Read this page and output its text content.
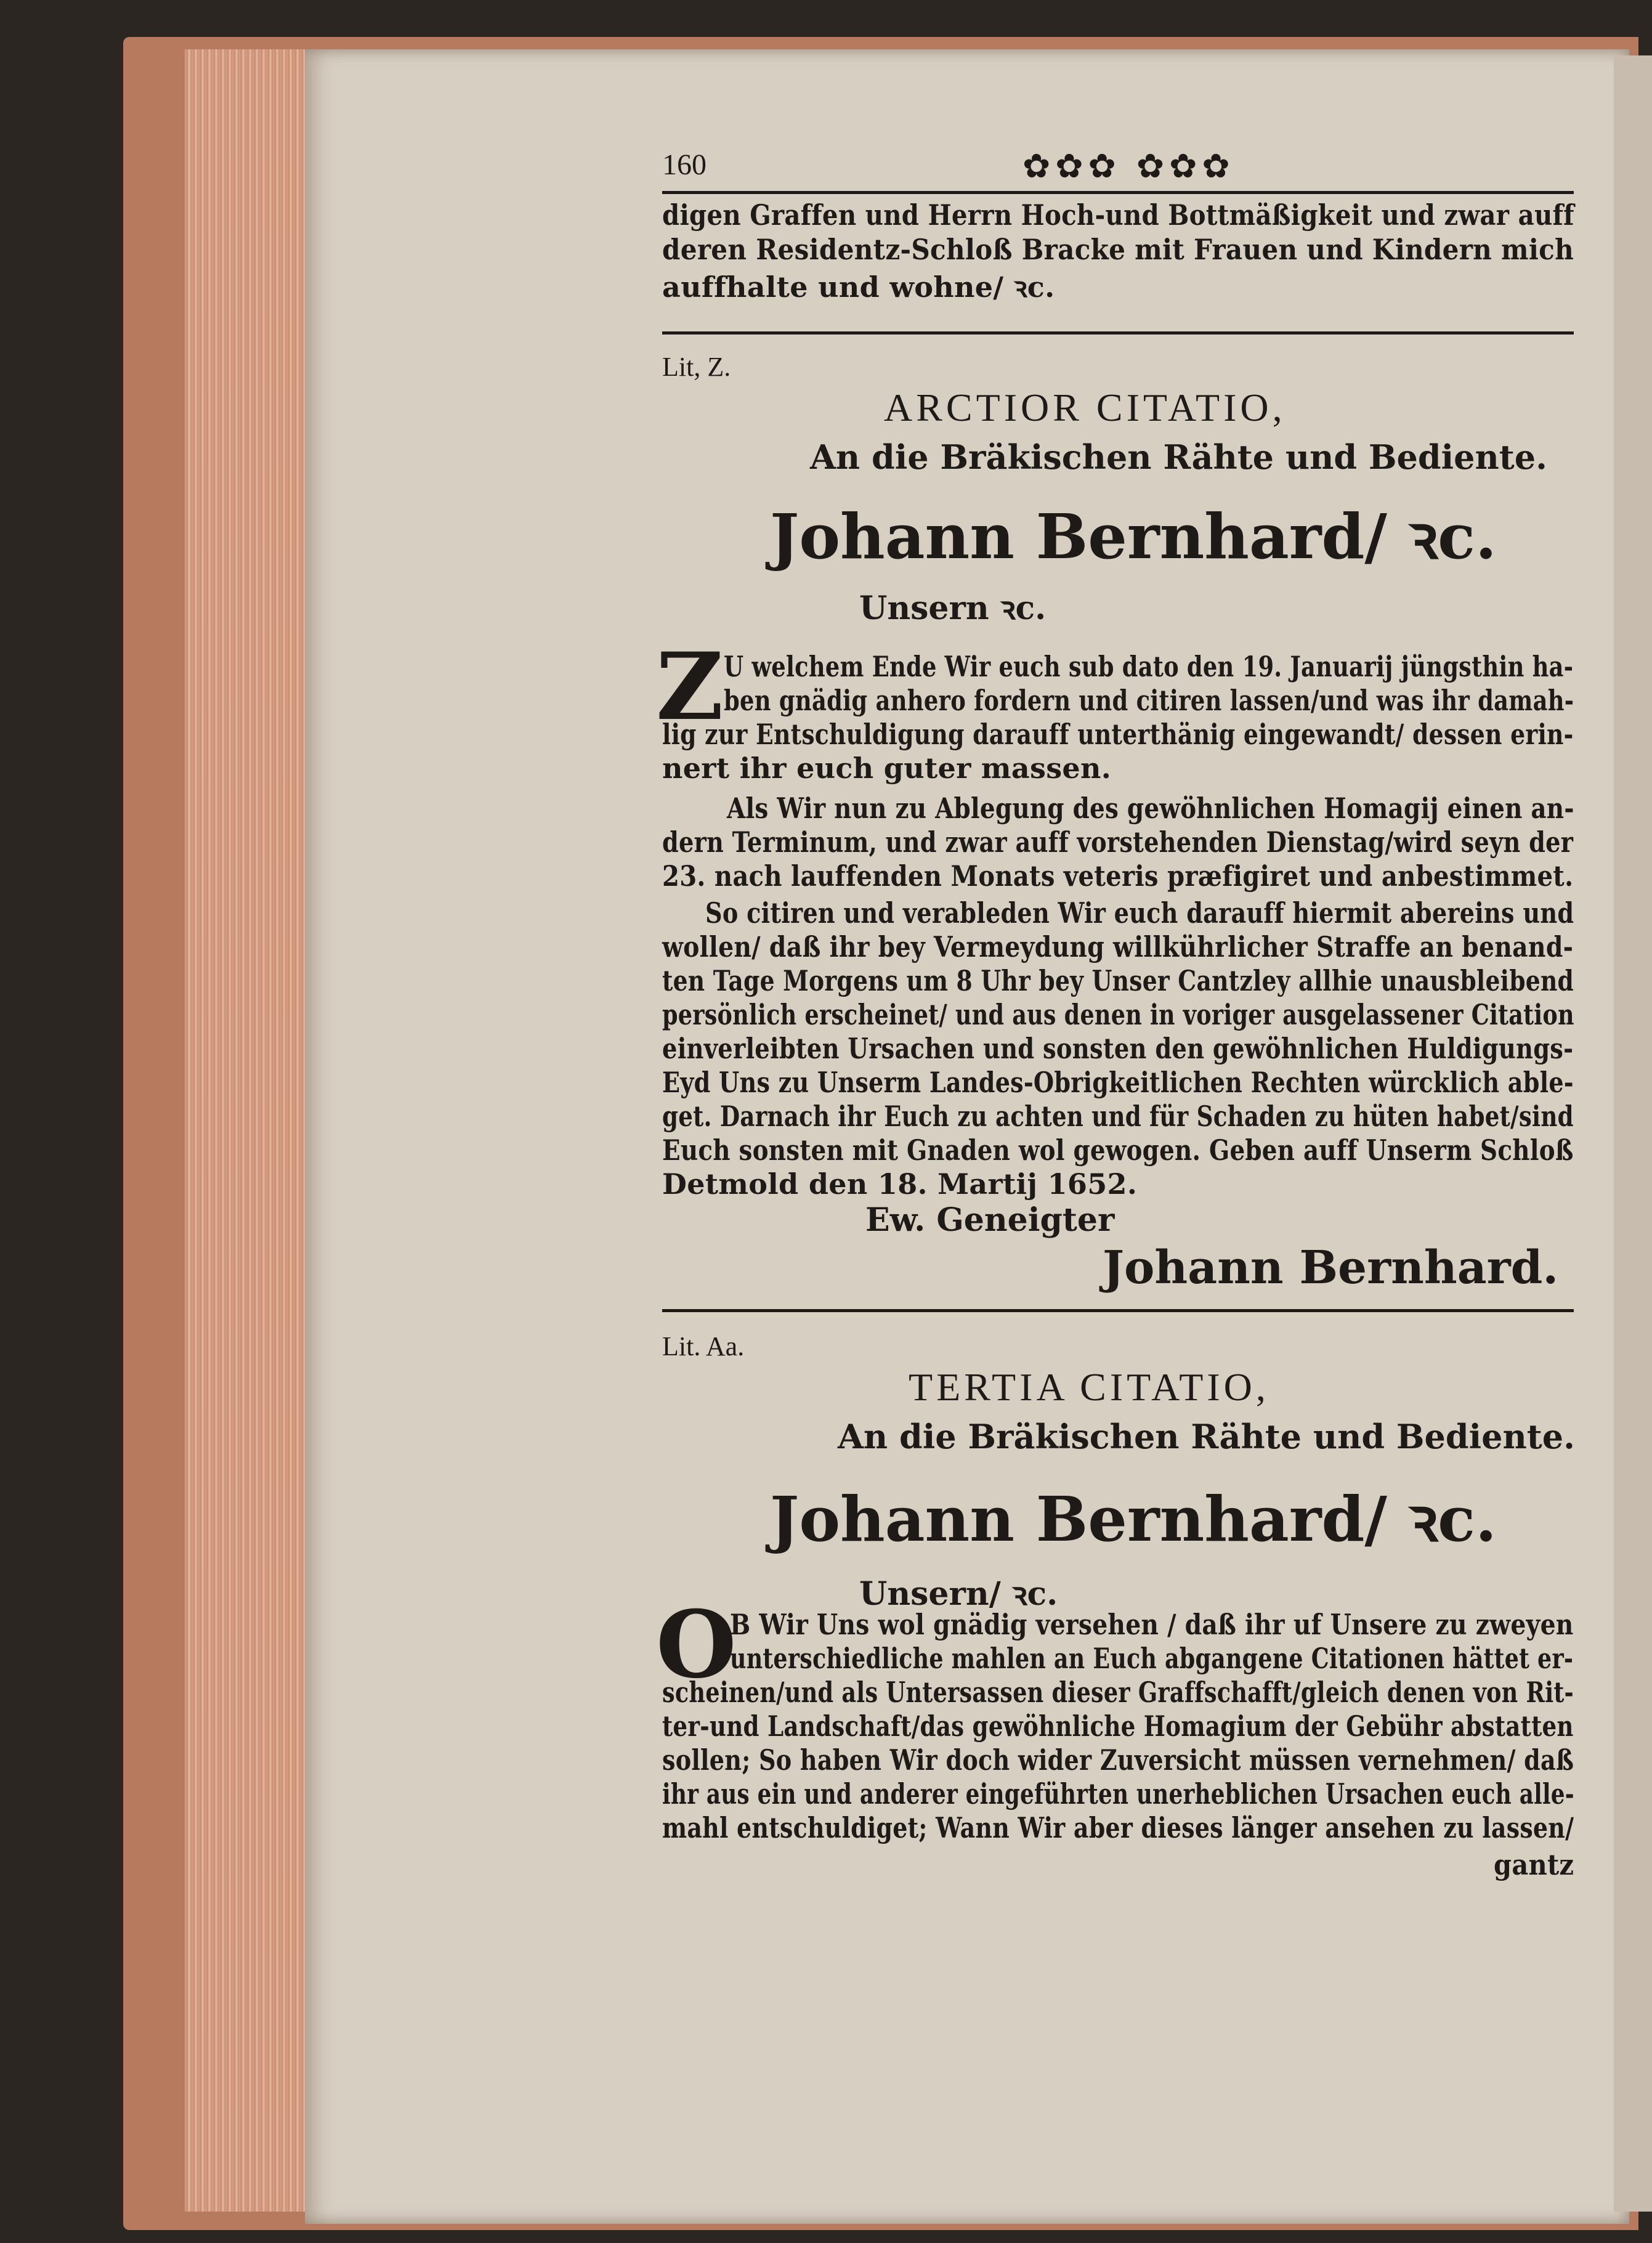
160	✿✿✿ ✿✿✿
digen Graffen und Herrn Hoch-und Bottmäßigkeit und zwar auff
deren Residentz-Schloß Bracke mit Frauen und Kindern mich
auffhalte und wohne/ ꝛc.
Lit, Z.
ARCTIOR CITATIO,
An die Bräkischen Rähte und Bediente.
Johann Bernhard/ ꝛc.
Unsern ꝛc.
Z U welchem Ende Wir euch sub dato den 19. Januarij jüngsthin ha-
ben gnädig anhero fordern und citiren lassen/und was ihr damah-
lig zur Entschuldigung darauff unterthänig eingewandt/ dessen erin-
nert ihr euch guter massen.
Als Wir nun zu Ablegung des gewöhnlichen Homagij einen an-
dern Terminum, und zwar auff vorstehenden Dienstag/wird seyn der
23. nach lauffenden Monats veteris præfigiret und anbestimmet.
So citiren und verableden Wir euch darauff hiermit abereins und
wollen/ daß ihr bey Vermeydung willkührlicher Straffe an benand-
ten Tage Morgens um 8 Uhr bey Unser Cantzley allhie unausbleibend
persönlich erscheinet/ und aus denen in voriger ausgelassener Citation
einverleibten Ursachen und sonsten den gewöhnlichen Huldigungs-
Eyd Uns zu Unserm Landes-Obrigkeitlichen Rechten würcklich able-
get. Darnach ihr Euch zu achten und für Schaden zu hüten habet/sind
Euch sonsten mit Gnaden wol gewogen. Geben auff Unserm Schloß
Detmold den 18. Martij 1652.
Ew. Geneigter
Johann Bernhard.
Lit. Aa.
TERTIA CITATIO,
An die Bräkischen Rähte und Bediente.
Johann Bernhard/ ꝛc.
Unsern/ ꝛc.
O
B Wir Uns wol gnädig versehen / daß ihr uf Unsere zu zweyen
unterschiedliche mahlen an Euch abgangene Citationen hättet er-
scheinen/und als Untersassen dieser Graffschafft/gleich denen von Rit-
ter-und Landschaft/das gewöhnliche Homagium der Gebühr abstatten
sollen; So haben Wir doch wider Zuversicht müssen vernehmen/ daß
ihr aus ein und anderer eingeführten unerheblichen Ursachen euch alle-
mahl entschuldiget; Wann Wir aber dieses länger ansehen zu lassen/
gantz
